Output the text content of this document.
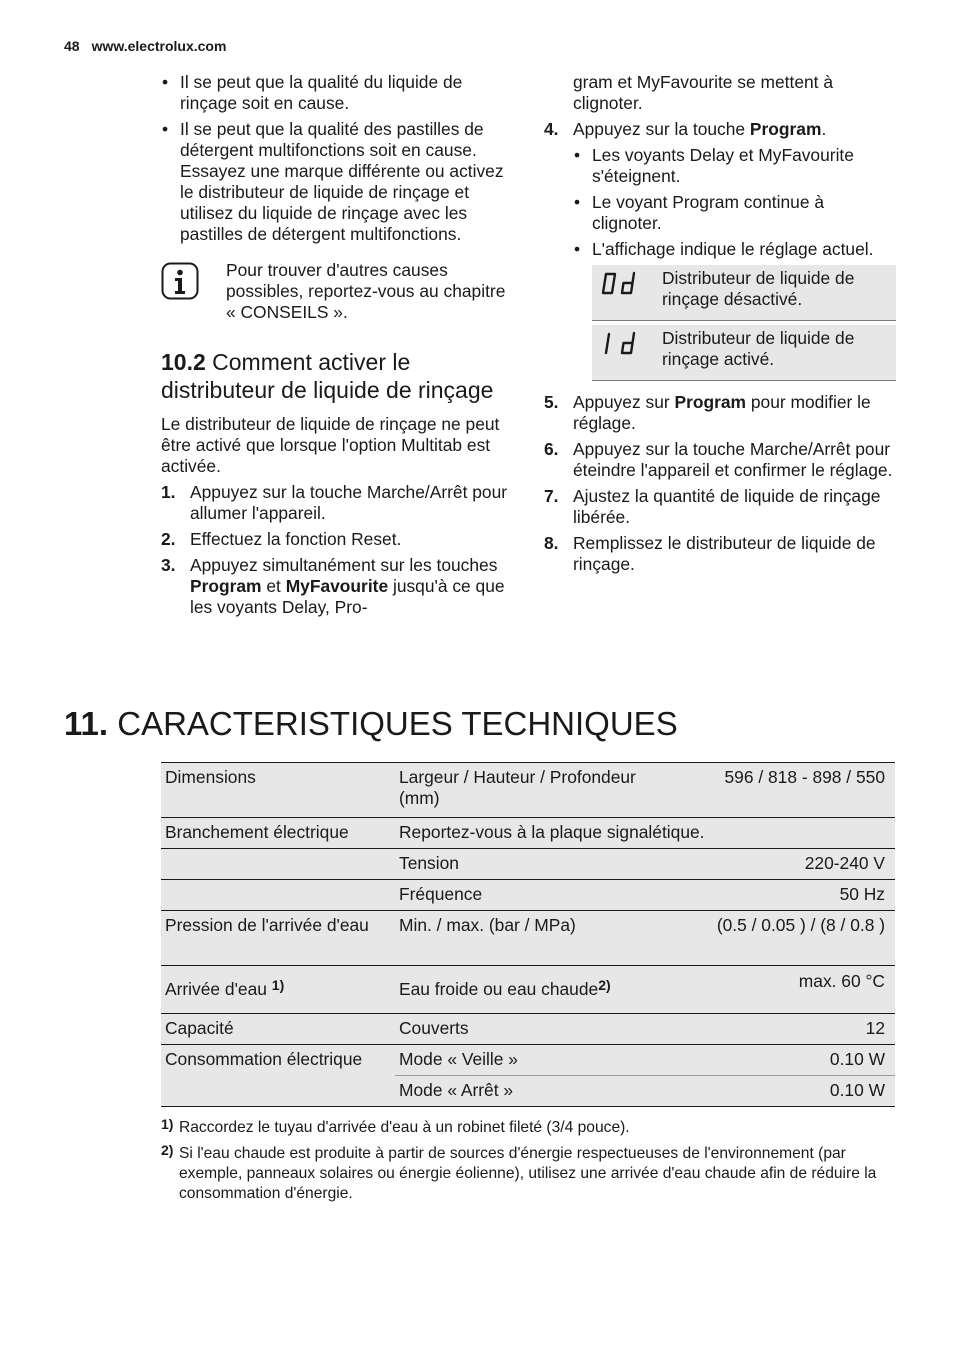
48 www.electrolux.com
• Il se peut que la qualité du liquide de rinçage soit en cause.
• Il se peut que la qualité des pastilles de détergent multifonctions soit en cause. Essayez une marque différente ou activez le distributeur de liquide de rinçage et utilisez du liquide de rinçage avec les pastilles de détergent multifonctions.

Pour trouver d'autres causes possibles, reportez-vous au chapitre « CONSEILS ».

10.2 Comment activer le distributeur de liquide de rinçage

Le distributeur de liquide de rinçage ne peut être activé que lorsque l'option Multitab est activée.

1. Appuyez sur la touche Marche/Arrêt pour allumer l'appareil.
2. Effectuez la fonction Reset.
3. Appuyez simultanément sur les touches Program et MyFavourite jusqu'à ce que les voyants Delay, Pro-

gram et MyFavourite se mettent à clignoter.

4. Appuyez sur la touche Program.
• Les voyants Delay et MyFavourite s'éteignent.
• Le voyant Program continue à clignoter.
• L'affichage indique le réglage actuel.
Distributeur de liquide de rinçage désactivé.
Distributeur de liquide de rinçage activé.
5. Appuyez sur Program pour modifier le réglage.
6. Appuyez sur la touche Marche/Arrêt pour éteindre l'appareil et confirmer le réglage.
7. Ajustez la quantité de liquide de rinçage libérée.
8. Remplissez le distributeur de liquide de rinçage.
11. CARACTERISTIQUES TECHNIQUES
Dimensions	Largeur / Hauteur / Profondeur (mm)	596 / 818 - 898 / 550
Branchement électrique	Reportez-vous à la plaque signalétique.	
	Tension	220-240 V
	Fréquence	50 Hz
Pression de l'arrivée d'eau	Min. / max. (bar / MPa)	(0.5 / 0.05 ) / (8 / 0.8 )
Arrivée d'eau $^{1)}$	Eau froide ou eau chaude$^{2)}$	max. 60 °C
Capacité	Couverts	12
Consommation électrique	Mode « Veille »	0.10 W
	Mode « Arrêt »	0.10 W
1) Raccordez le tuyau d'arrivée d'eau à un robinet fileté (3/4 pouce).
2) Si l'eau chaude est produite à partir de sources d'énergie respectueuses de l'environnement (par exemple, panneaux solaires ou énergie éolienne), utilisez une arrivée d'eau chaude afin de réduire la consommation d'énergie.
